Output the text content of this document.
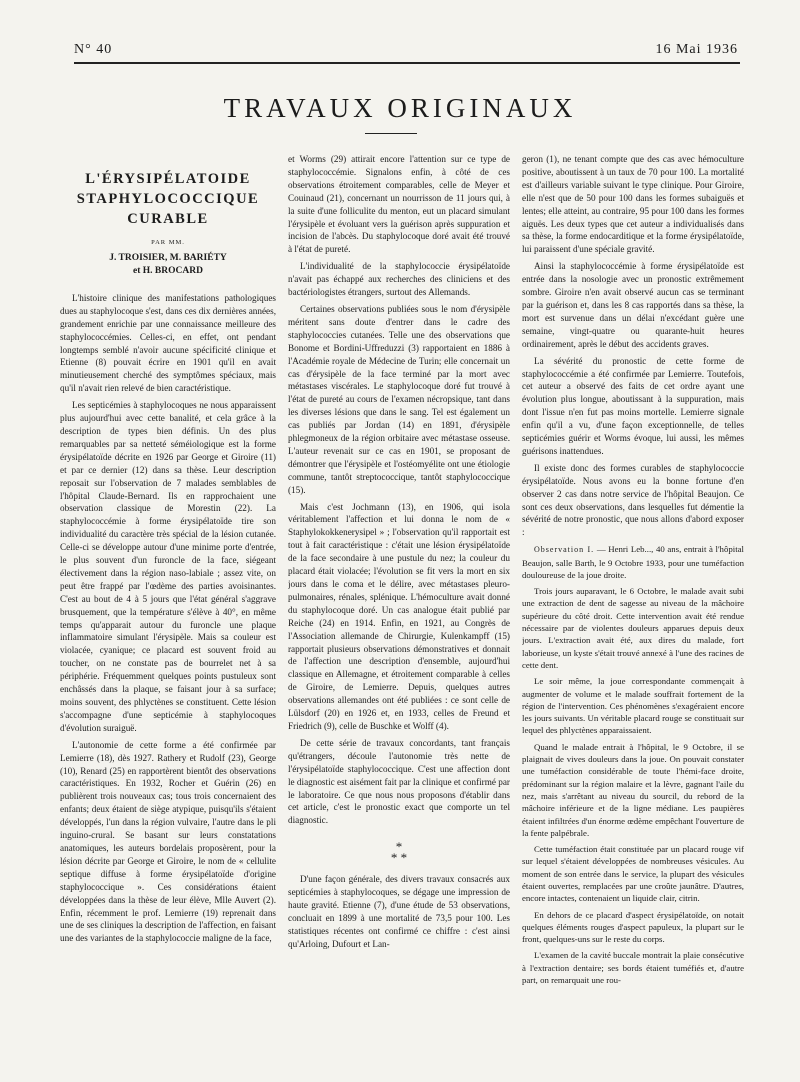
N° 40	16 Mai 1936
TRAVAUX ORIGINAUX
L'ÉRYSIPÉLATOIDE
STAPHYLOCOCCIQUE
CURABLE
PAR MM.
J. TROISIER, M. BARIÉTY
et H. BROCARD

L'histoire clinique des manifestations pathologiques dues au staphylocoque s'est, dans ces dix dernières années, grandement enrichie par une connaissance meilleure des staphylococcémies. Celles-ci, en effet, ont pendant longtemps semblé n'avoir aucune spécificité clinique et Etienne (8) pouvait écrire en 1901 qu'il en avait minutieusement cherché des symptômes spéciaux, mais qu'il n'avait rien relevé de bien caractéristique.

Les septicémies à staphylocoques ne nous apparaissent plus aujourd'hui avec cette banalité, et cela grâce à la description de types bien définis. Un des plus remarquables par sa netteté séméiologique est la forme érysipélatoïde décrite en 1926 par George et Giroire (11) et par ce dernier (12) dans sa thèse. Leur description reposait sur l'observation de 7 malades semblables de l'hôpital Claude-Bernard. Ils en rapprochaient une observation classique de Morestin (22). La staphylococcémie à forme érysipélatoïde tire son individualité du caractère très spécial de la lésion cutanée. Celle-ci se développe autour d'une minime porte d'entrée, le plus souvent d'un furoncle de la face, siégeant électivement dans la région naso-labiale ; assez vite, on peut être frappé par l'œdème des parties avoisinantes. C'est au bout de 4 à 5 jours que l'état général s'aggrave brusquement, que la température s'élève à 40°, en même temps qu'apparait autour du furoncle une plaque inflammatoire simulant l'érysipèle. Mais sa couleur est violacée, cyanique; ce placard est souvent froid au toucher, on ne constate pas de bourrelet net à sa périphérie. Fréquemment quelques points pustuleux sont enchâssés dans la plaque, se faisant jour à sa surface; moins souvent, des phlyctènes se constituent. Cette lésion s'accompagne d'une septicémie à staphylocoques d'évolution suraiguë.

L'autonomie de cette forme a été confirmée par Lemierre (18), dès 1927. Rathery et Rudolf (23), George (10), Renard (25) en rapportèrent bientôt des observations caractéristiques. En 1932, Rocher et Guérin (26) en publièrent trois nouveaux cas; tous trois concernaient des enfants; deux étaient de siège atypique, puisqu'ils s'étaient développés, l'un dans la région vulvaire, l'autre dans le pli inguino-crural. Se basant sur leurs constatations anatomiques, les auteurs bordelais proposèrent, pour la lésion décrite par George et Giroire, le nom de « cellulite septique diffuse à forme érysipélatoïde d'origine staphylococcique ». Ces considérations étaient développées dans la thèse de leur élève, Mlle Auvert (2). Enfin, récemment le prof. Lemierre (19) reprenait dans une de ses cliniques la description de l'affection, en faisant une des variantes de la staphylococcie maligne de la face,

et Worms (29) attirait encore l'attention sur ce type de staphylococcémie. Signalons enfin, à côté de ces observations étroitement comparables, celle de Meyer et Couinaud (21), concernant un nourrisson de 11 jours qui, à la suite d'une folliculite du menton, eut un placard simulant l'érysipèle et évoluant vers la guérison après suppuration et incision de l'abcès. Du staphylocoque doré avait été trouvé à l'état de pureté.

L'individualité de la staphylococcie érysipélatoïde n'avait pas échappé aux recherches des cliniciens et des bactériologistes étrangers, surtout des Allemands.

Certaines observations publiées sous le nom d'érysipèle méritent sans doute d'entrer dans le cadre des staphylococcies cutanées. Telle une des observations que Bonome et Bordini-Uffreduzzi (3) rapportaient en 1886 à l'Académie royale de Médecine de Turin; elle concernait un cas d'érysipèle de la face terminé par la mort avec métastases viscérales. Le staphylocoque doré fut trouvé à l'état de pureté au cours de l'examen nécropsique, tant dans les diverses lésions que dans le sang. Tel est également un cas publiés par Jordan (14) en 1891, d'érysipèle phlegmoneux de la région orbitaire avec métastase osseuse. L'auteur revenait sur ce cas en 1901, se proposant de démontrer que l'érysipèle et l'ostéomyélite ont une étiologie commune, tantôt streptococcique, tantôt staphylococcique (15).

Mais c'est Jochmann (13), en 1906, qui isola véritablement l'affection et lui donna le nom de « Staphylokokkenerysipel » ; l'observation qu'il rapportait est tout à fait caractéristique : c'était une lésion érysipélatoïde de la face secondaire à une pustule du nez; la couleur du placard était violacée; l'évolution se fit vers la mort en six jours dans le coma et le délire, avec métastases pleuro-pulmonaires, rénales, splénique. L'hémoculture avait donné du staphylocoque doré. Un cas analogue était publié par Reiche (24) en 1914. Enfin, en 1921, au Congrès de l'Association allemande de Chirurgie, Kulenkampff (15) rapportait plusieurs observations démonstratives et donnait de l'affection une description d'ensemble, aujourd'hui classique en Allemagne, et étroitement comparable à celles de Giroire, de Lemierre. Depuis, quelques autres observations allemandes ont été publiées : ce sont celle de Lülsdorf (20) en 1926 et, en 1933, celles de Freund et Friedrich (9), celle de Buschke et Wolff (4).

De cette série de travaux concordants, tant français qu'étrangers, découle l'autonomie très nette de l'érysipélatoïde staphylococcique. C'est une affection dont le diagnostic est aisément fait par la clinique et confirmé par le laboratoire. Ce que nous nous proposons d'établir dans cet article, c'est le pronostic exact que comporte un tel diagnostic.

*
* *

D'une façon générale, des divers travaux consacrés aux septicémies à staphylocoques, se dégage une impression de haute gravité. Etienne (7), d'une étude de 53 observations, concluait en 1899 à une mortalité de 73,5 pour 100. Les statistiques récentes ont confirmé ce chiffre : c'est ainsi qu'Arloing, Dufourt et Lan-

geron (1), ne tenant compte que des cas avec hémoculture positive, aboutissent à un taux de 70 pour 100. La mortalité est d'ailleurs variable suivant le type clinique. Pour Giroire, elle n'est que de 50 pour 100 dans les formes subaiguës et lentes; elle atteint, au contraire, 95 pour 100 dans les formes aiguës. Les deux types que cet auteur a individualisés dans sa thèse, la forme endocarditique et la forme érysipélatoïde, lui paraissent d'une spéciale gravité.

Ainsi la staphylococcémie à forme érysipélatoïde est entrée dans la nosologie avec un pronostic extrêmement sombre. Giroire n'en avait observé aucun cas se terminant par la guérison et, dans les 8 cas rapportés dans sa thèse, la mort est survenue dans un délai n'excédant guère une semaine, vingt-quatre ou quarante-huit heures ordinairement, après le début des accidents graves.

La sévérité du pronostic de cette forme de staphylococcémie a été confirmée par Lemierre. Toutefois, cet auteur a observé des faits de cet ordre ayant une évolution plus longue, aboutissant à la suppuration, mais dont l'issue n'en fut pas moins mortelle. Lemierre signale enfin qu'il a vu, d'une façon exceptionnelle, de telles septicémies guérir et Worms évoque, lui aussi, les mêmes guérisons inattendues.

Il existe donc des formes curables de staphylococcie érysipélatoïde. Nous avons eu la bonne fortune d'en observer 2 cas dans notre service de l'hôpital Beaujon. Ce sont ces deux observations, dans lesquelles fut démentie la sévérité de notre pronostic, que nous allons d'abord exposer :

Observation I. — Henri Leb..., 40 ans, entrait à l'hôpital Beaujon, salle Barth, le 9 Octobre 1933, pour une tuméfaction douloureuse de la joue droite.

Trois jours auparavant, le 6 Octobre, le malade avait subi une extraction de dent de sagesse au niveau de la mâchoire supérieure du côté droit. Cette intervention avait été rendue nécessaire par de violentes douleurs apparues depuis deux jours. L'extraction avait été, aux dires du malade, fort laborieuse, un kyste s'était trouvé annexé à l'une des racines de cette dent.

Le soir même, la joue correspondante commençait à augmenter de volume et le malade souffrait fortement de la région de l'intervention. Ces phénomènes s'exagéraient encore les jours suivants. Un véritable placard rouge se constituait sur lequel des phlyctènes apparaissaient.

Quand le malade entrait à l'hôpital, le 9 Octobre, il se plaignait de vives douleurs dans la joue. On pouvait constater une tuméfaction considérable de toute l'hémi-face droite, prédominant sur la région malaire et la lèvre, gagnant l'aile du nez, mais s'arrêtant au niveau du sourcil, du rebord de la mâchoire inférieure et de la ligne médiane. Les paupières étaient infiltrées d'un énorme œdème empêchant l'ouverture de la fente palpébrale.

Cette tuméfaction était constituée par un placard rouge vif sur lequel s'étaient développées de nombreuses vésicules. Au moment de son entrée dans le service, la plupart des vésicules étaient ouvertes, remplacées par une croûte jaunâtre. D'autres, encore intactes, contenaient un liquide clair, citrin.

En dehors de ce placard d'aspect érysipélatoïde, on notait quelques éléments rouges d'aspect papuleux, la plupart sur le front, quelques-uns sur le reste du corps.

L'examen de la cavité buccale montrait la plaie consécutive à l'extraction dentaire; ses bords étaient tuméfiés et, d'autre part, on remarquait une rou-
